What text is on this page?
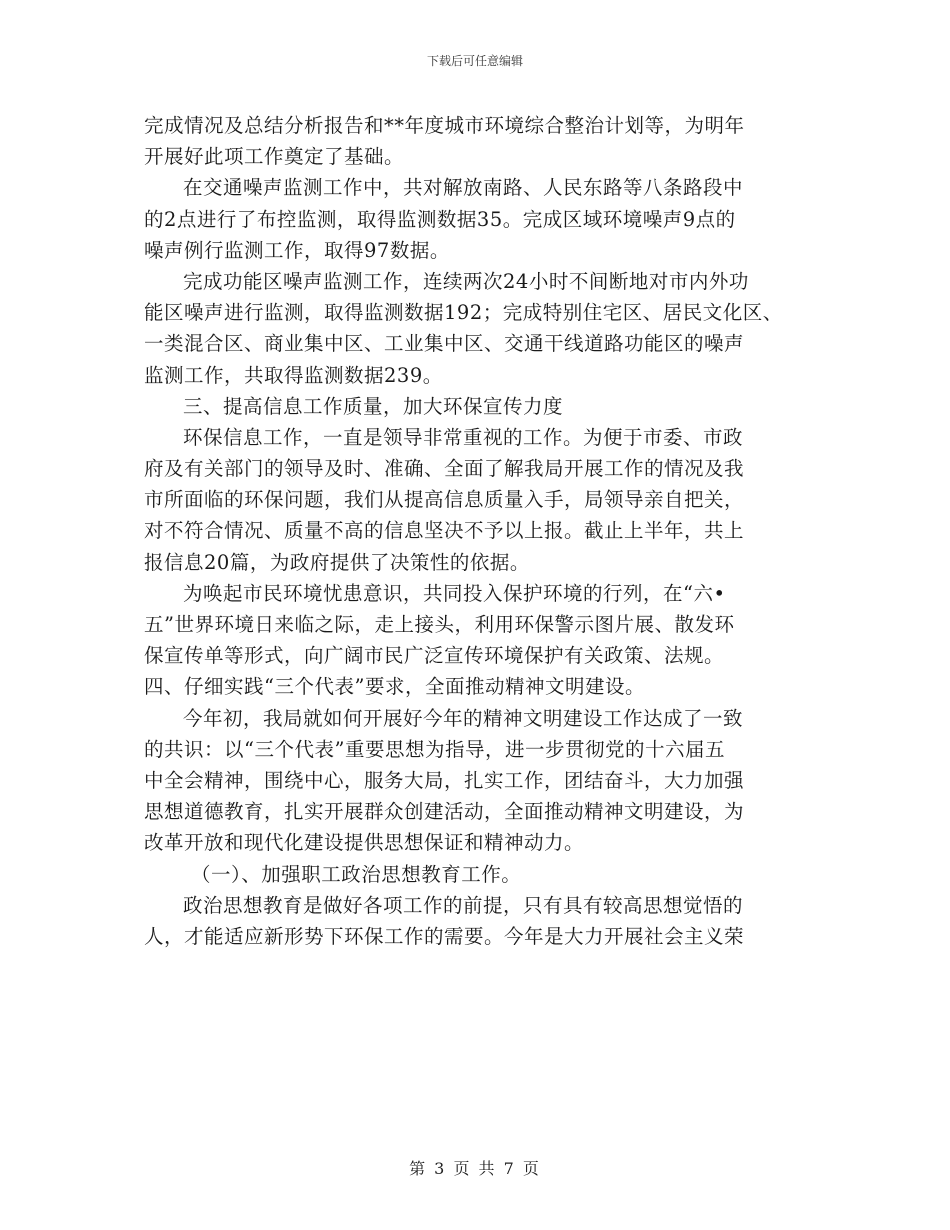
下载后可任意编辑
完成情况及总结分析报告和**年度城市环境综合整治计划等，为明年
开展好此项工作奠定了基础。
在交通噪声监测工作中，共对解放南路、人民东路等八条路段中
的2点进行了布控监测，取得监测数据35。完成区域环境噪声9点的
噪声例行监测工作，取得97数据。
完成功能区噪声监测工作，连续两次24小时不间断地对市内外功
能区噪声进行监测，取得监测数据192；完成特别住宅区、居民文化区、
一类混合区、商业集中区、工业集中区、交通干线道路功能区的噪声
监测工作，共取得监测数据239。
三、提高信息工作质量，加大环保宣传力度
环保信息工作，一直是领导非常重视的工作。为便于市委、市政
府及有关部门的领导及时、准确、全面了解我局开展工作的情况及我
市所面临的环保问题，我们从提高信息质量入手，局领导亲自把关，
对不符合情况、质量不高的信息坚决不予以上报。截止上半年，共上
报信息20篇，为政府提供了决策性的依据。
为唤起市民环境忧患意识，共同投入保护环境的行列，在“六•
五”世界环境日来临之际，走上接头，利用环保警示图片展、散发环
保宣传单等形式，向广阔市民广泛宣传环境保护有关政策、法规。
四、仔细实践“三个代表”要求，全面推动精神文明建设。
今年初，我局就如何开展好今年的精神文明建设工作达成了一致
的共识：以“三个代表”重要思想为指导，进一步贯彻党的十六届五
中全会精神，围绕中心，服务大局，扎实工作，团结奋斗，大力加强
思想道德教育，扎实开展群众创建活动，全面推动精神文明建设，为
改革开放和现代化建设提供思想保证和精神动力。
（一）、加强职工政治思想教育工作。
政治思想教育是做好各项工作的前提，只有具有较高思想觉悟的
人，才能适应新形势下环保工作的需要。今年是大力开展社会主义荣
第 3 页 共 7 页
